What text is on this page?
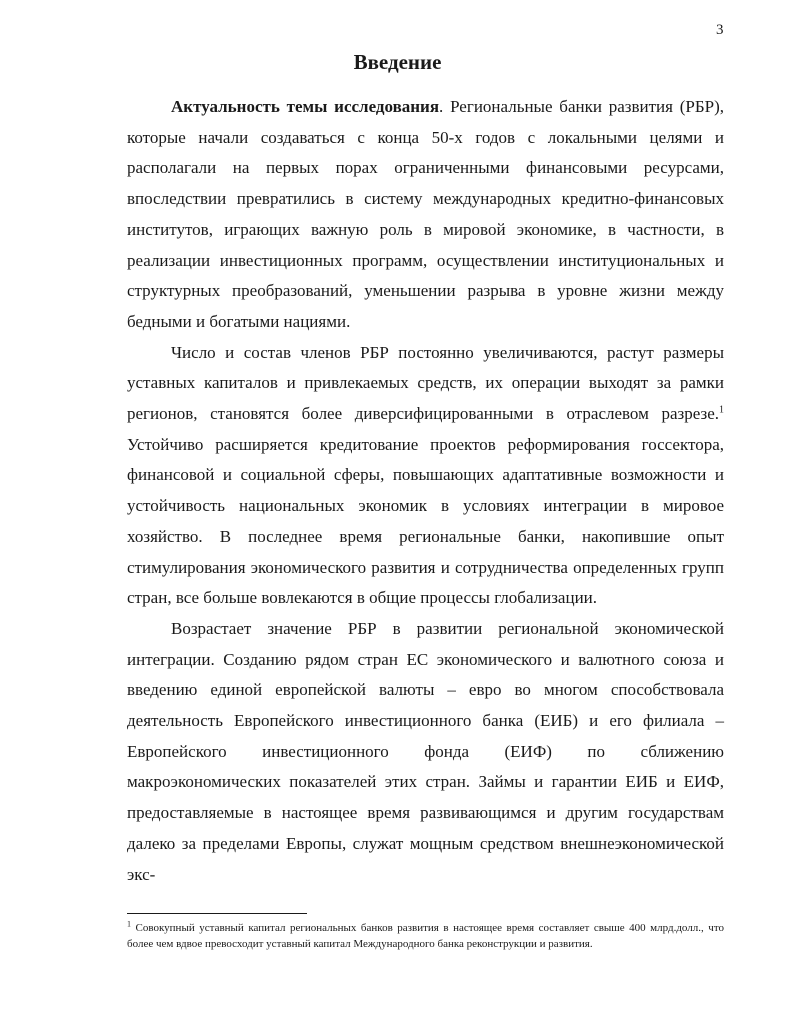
3
Введение

Актуальность темы исследования. Региональные банки развития (РБР), которые начали создаваться с конца 50-х годов с локальными целями и располагали на первых порах ограниченными финансовыми ресурсами, впоследствии превратились в систему международных кредитно-финансовых институтов, играющих важную роль в мировой экономике, в частности, в реализации инвестиционных программ, осуществлении институциональных и структурных преобразований, уменьшении разрыва в уровне жизни между бедными и богатыми нациями.

Число и состав членов РБР постоянно увеличиваются, растут размеры уставных капиталов и привлекаемых средств, их операции выходят за рамки регионов, становятся более диверсифицированными в отраслевом разрезе.$^1$ Устойчиво расширяется кредитование проектов реформирования госсектора, финансовой и социальной сферы, повышающих адаптативные возможности и устойчивость национальных экономик в условиях интеграции в мировое хозяйство. В последнее время региональные банки, накопившие опыт стимулирования экономического развития и сотрудничества определенных групп стран, все больше вовлекаются в общие процессы глобализации.

Возрастает значение РБР в развитии региональной экономической интеграции. Созданию рядом стран ЕС экономического и валютного союза и введению единой европейской валюты – евро во многом способствовала деятельность Европейского инвестиционного банка (ЕИБ) и его филиала – Европейского инвестиционного фонда (ЕИФ) по сближению макроэкономических показателей этих стран. Займы и гарантии ЕИБ и ЕИФ, предоставляемые в настоящее время развивающимся и другим государствам далеко за пределами Европы, служат мощным средством внешнеэкономической экс-

$^1$ Совокупный уставный капитал региональных банков развития в настоящее время составляет свыше 400 млрд.долл., что более чем вдвое превосходит уставный капитал Международного банка реконструкции и развития.
